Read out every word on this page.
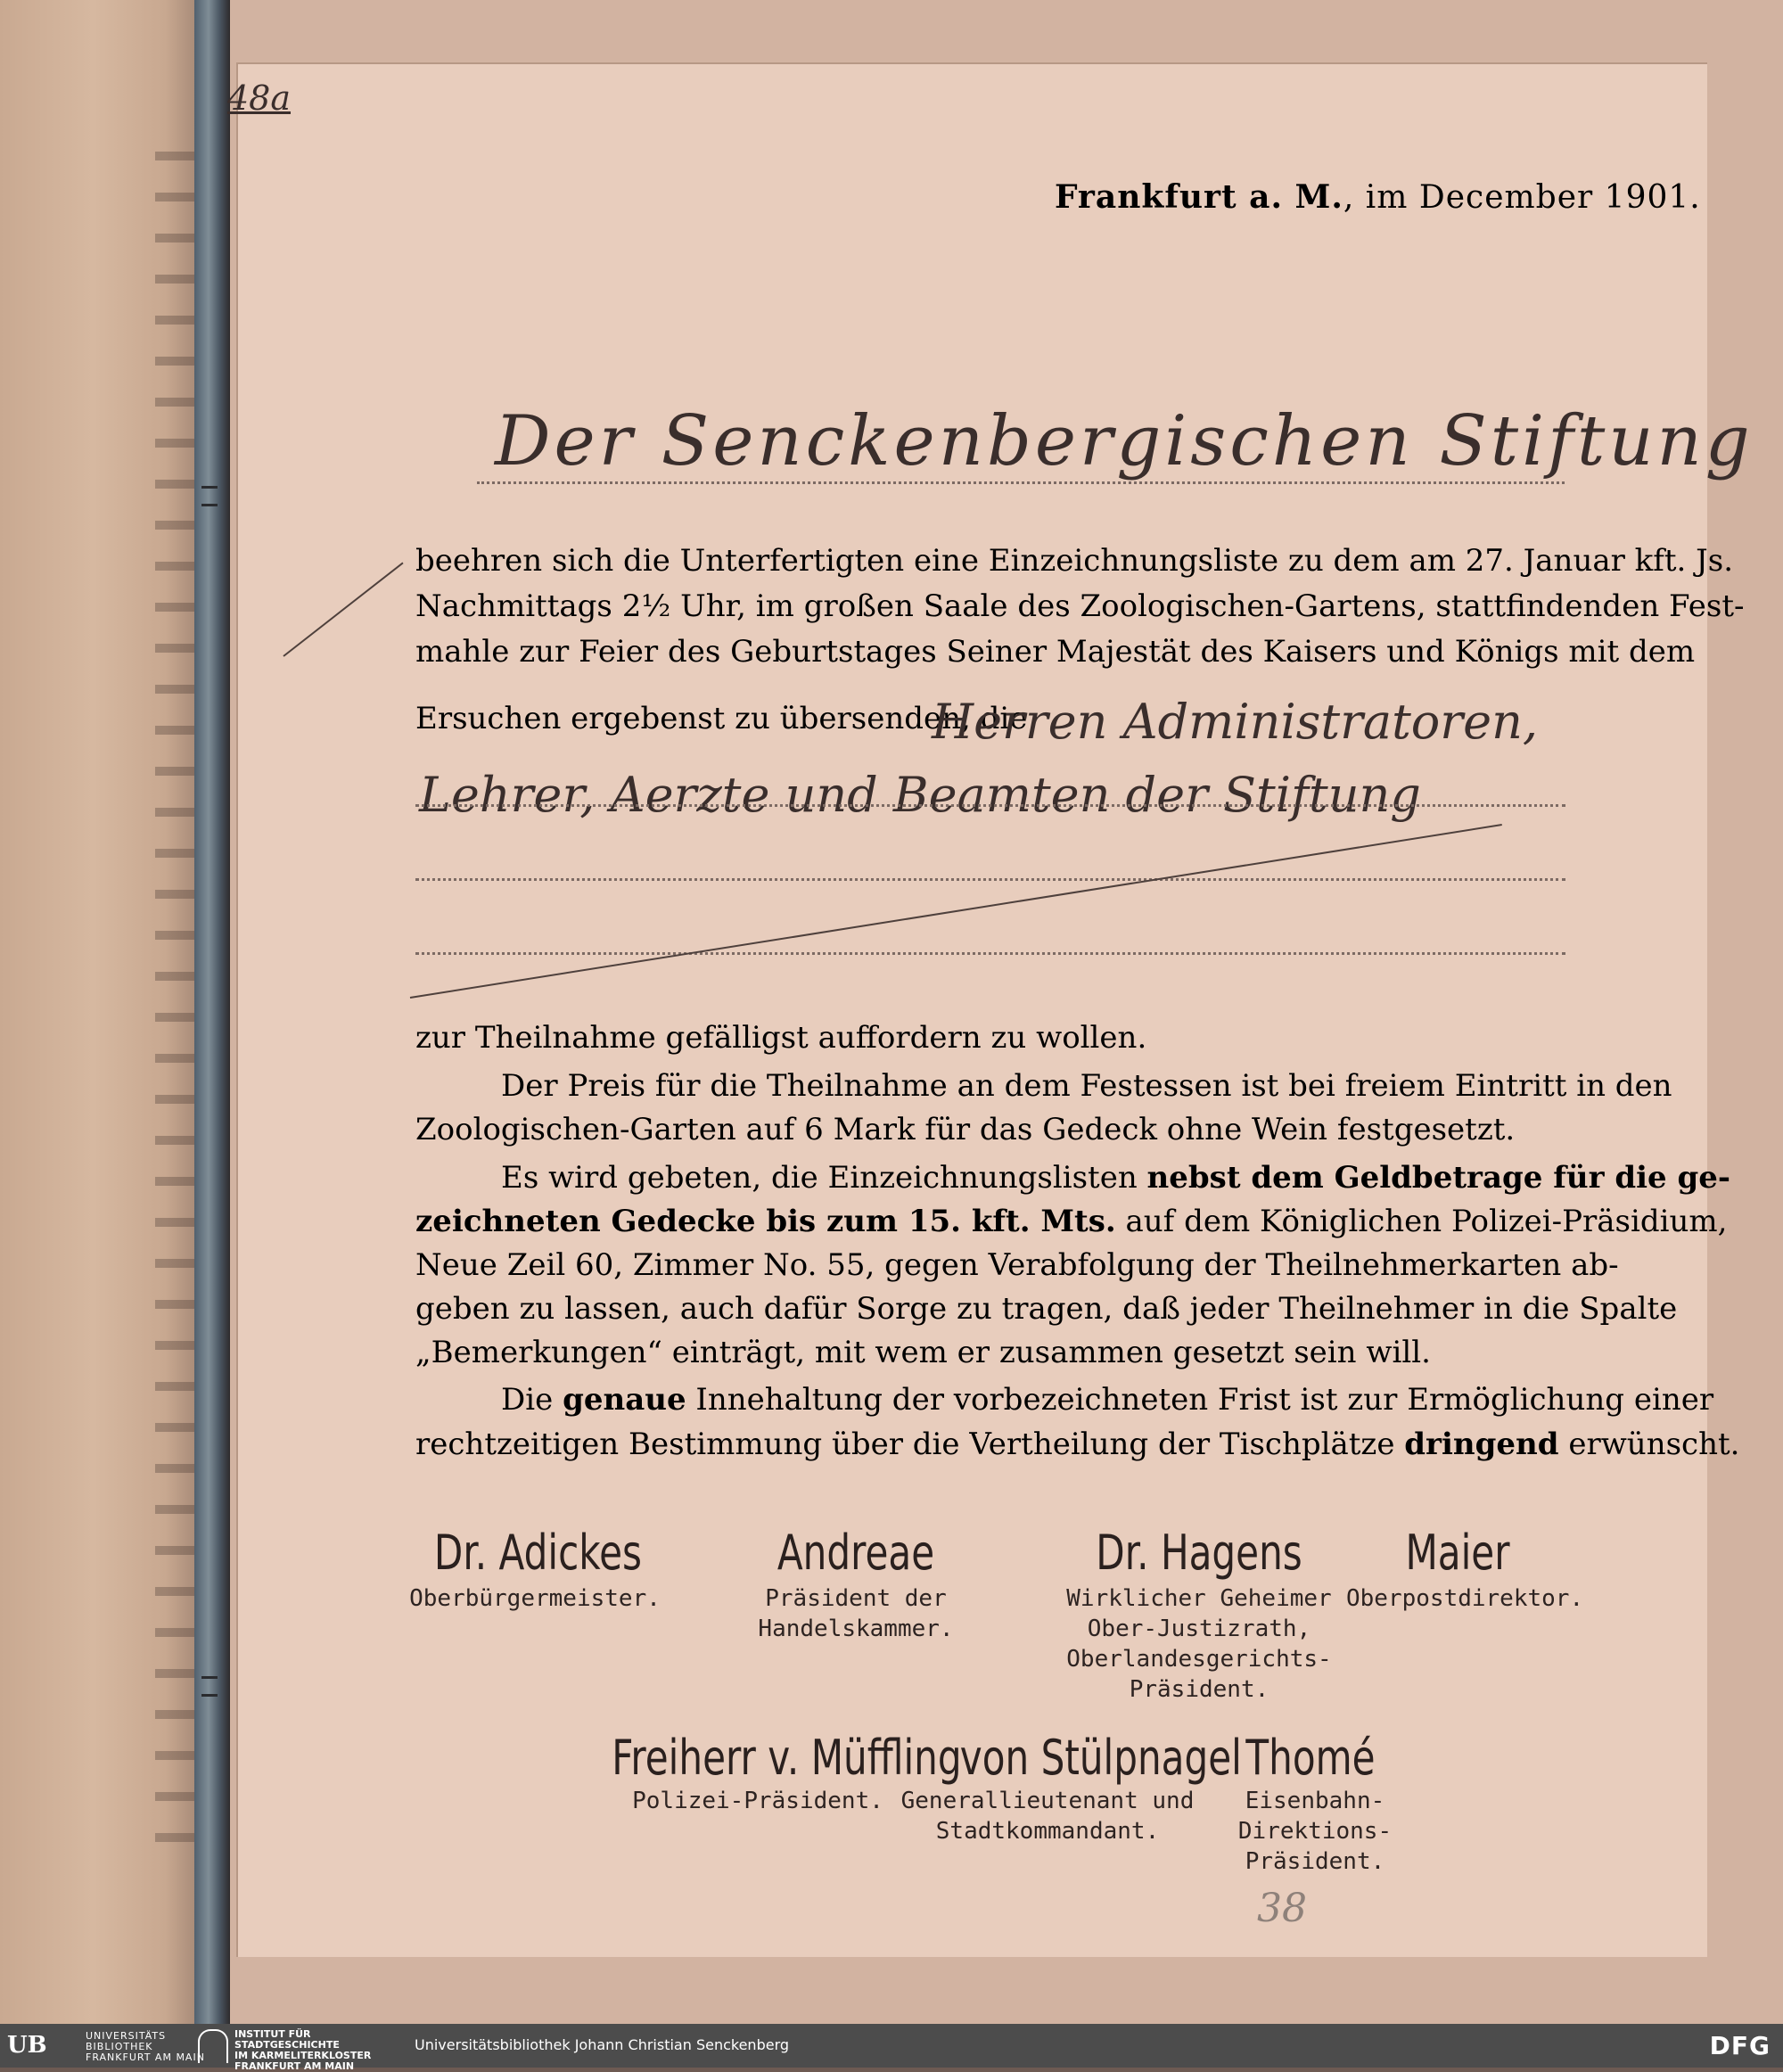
48a
Frankfurt a. M., im December 1901.
Der Senckenbergischen Stiftung
beehren sich die Unterfertigten eine Einzeichnungsliste zu dem am 27. Januar kft. Js.
Nachmittags 2½ Uhr, im großen Saale des Zoologischen-Gartens, stattfindenden Fest-
mahle zur Feier des Geburtstages Seiner Majestät des Kaisers und Königs mit dem
Ersuchen ergebenst zu übersenden, die
Herren Administratoren,
Lehrer, Aerzte und Beamten der Stiftung
zur Theilnahme gefälligst auffordern zu wollen.
Der Preis für die Theilnahme an dem Festessen ist bei freiem Eintritt in den
Zoologischen-Garten auf 6 Mark für das Gedeck ohne Wein festgesetzt.
Es wird gebeten, die Einzeichnungslisten nebst dem Geldbetrage für die ge-
zeichneten Gedecke bis zum 15. kft. Mts. auf dem Königlichen Polizei-Präsidium,
Neue Zeil 60, Zimmer No. 55, gegen Verabfolgung der Theilnehmerkarten ab-
geben zu lassen, auch dafür Sorge zu tragen, daß jeder Theilnehmer in die Spalte
„Bemerkungen“ einträgt, mit wem er zusammen gesetzt sein will.
Die genaue Innehaltung der vorbezeichneten Frist ist zur Ermöglichung einer
rechtzeitigen Bestimmung über die Vertheilung der Tischplätze dringend erwünscht.
Dr. Adickes
Oberbürgermeister.
Andreae
Präsident der Handelskammer.
Dr. Hagens
Wirklicher Geheimer
Ober-Justizrath,
Oberlandesgerichts-
Präsident.
Maier
Oberpostdirektor.
Freiherr v. Müffling
Polizei-Präsident.
von Stülpnagel
Generallieutenant und
Stadtkommandant.
Thomé
Eisenbahn-
Direktions-Präsident.
38
UB	UNIVERSITÄTS
BIBLIOTHEK
FRANKFURT AM MAIN
INSTITUT FÜR
STADTGESCHICHTE
IM KARMELITERKLOSTER
FRANKFURT AM MAIN
Universitätsbibliothek Johann Christian Senckenberg	DFG
